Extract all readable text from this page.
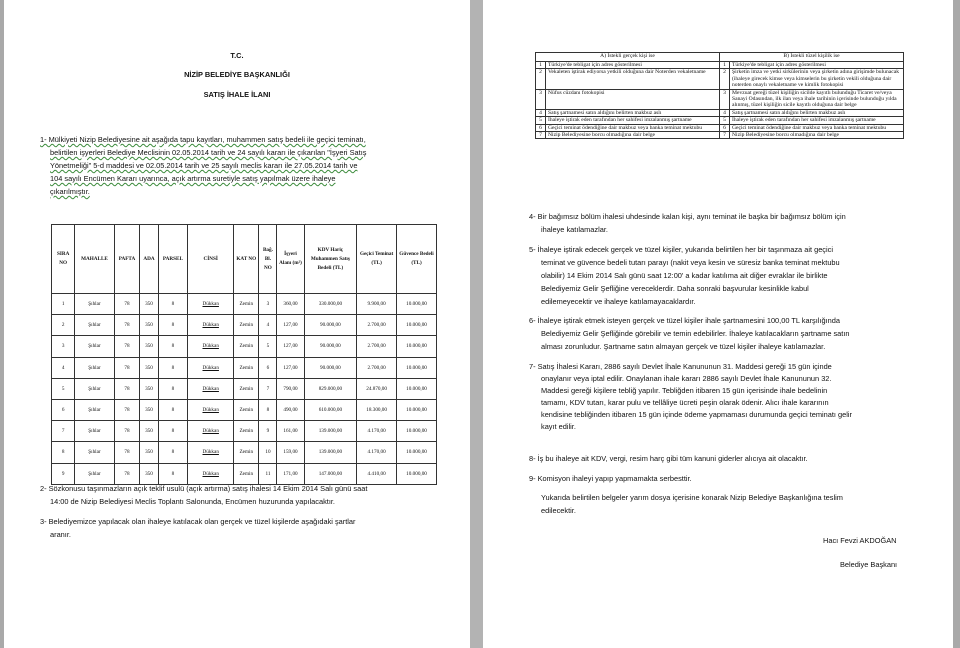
T.C.
NİZİP BELEDİYE BAŞKANLIĞI
SATIŞ İHALE İLANI
1- Mülkiyeti Nizip Belediyesine ait aşağıda tapu kayıtları, muhammen satış bedeli ile geçici teminatı,
belirtilen işyerleri Belediye Meclisinin 02.05.2014 tarih ve 24 sayılı kararı ile çıkarılan "İşyeri Satış
Yönetmeliği" 5-d maddesi ve 02.05.2014 tarih ve 25 sayılı meclis kararı ile 27.05.2014 tarih ve
104 sayılı Encümen Kararı uyarınca, açık artırma suretiyle satış yapılmak üzere ihaleye
çıkarılmıştır.
SIRA NO	MAHALLE	PAFTA	ADA	PARSEL	CİNSİ	KAT NO	Bağ. Bl. NO	İşyeri Alanı (m²)	KDV Hariç Muhammen Satış Bedeli (TL)	Geçici Teminat (TL)	Güvence Bedeli (TL)
1	Şıhlar	78	350	8	Dükkan	Zemin	3	360,00	330.000,00	9.900,00	10.000,00
2	Şıhlar	78	350	8	Dükkan	Zemin	4	127,00	90.000,00	2.700,00	10.000,00
3	Şıhlar	78	350	8	Dükkan	Zemin	5	127,00	90.000,00	2.700,00	10.000,00
4	Şıhlar	78	350	8	Dükkan	Zemin	6	127,00	90.000,00	2.700,00	10.000,00
5	Şıhlar	78	350	8	Dükkan	Zemin	7	790,00	829.000,00	24.870,00	10.000,00
6	Şıhlar	78	350	8	Dükkan	Zemin	8	490,00	610.000,00	18.300,00	10.000,00
7	Şıhlar	78	350	8	Dükkan	Zemin	9	161,00	139.000,00	4.170,00	10.000,00
8	Şıhlar	78	350	8	Dükkan	Zemin	10	159,00	139.000,00	4.170,00	10.000,00
9	Şıhlar	78	350	8	Dükkan	Zemin	11	171,00	147.000,00	4.410,00	10.000,00
2- Sözkonusu taşınmazların açık teklif usulü (açık artırma) satış ihalesi 14 Ekim 2014 Salı günü saat
14:00 de Nizip Belediyesi Meclis Toplantı Salonunda, Encümen huzurunda yapılacaktır.
3- Belediyemizce yapılacak olan ihaleye katılacak olan gerçek ve tüzel kişilerde aşağıdaki şartlar
aranır.
A) İstekli gerçek kişi ise		B) İstekli tüzel kişilik ise	
1	Türkiye'de tebligat için adres gösterilmesi	1	Türkiye'de tebligat için adres gösterilmesi
2	Vekaleten iştirak ediyorsa yetkili olduğuna dair Noterden vekaletname	2	Şirketin imza ve yetki sirkülerinin veya şirketin adına girişimde bulunacak (ihaleye girecek kimse veya kimselerin bu şirketin vekili olduğuna dair noterden onaylı vekaletname ve kimlik fotokopisi
3	Nüfus cüzdanı fotokopisi	3	Mevzuat gereği tüzel kişiliğin sicilde kayıtlı bulunduğu Ticaret ve/veya Sanayi Odasından, ilk ilan veya ihale tarihinin içerisinde bulunduğu yılda alınmış, tüzel kişiliğin sicile kayıtlı olduğuna dair belge
4	Satış şartnamesi satın aldığını belirten makbuz aslı	4	Satış şartnamesi satın aldığını belirten makbuz aslı
5	İhaleye iştirak eden tarafından her sahifesi imzalanmış şartname	5	İhaleye iştirak eden tarafından her sahifesi imzalanmış şartname
6	Geçici teminat ödendiğine dair makbuz veya banka teminat mektubu	6	Geçici teminat ödendiğine dair makbuz veya banka teminat mektubu
7	Nizip Belediyesine borcu olmadığına dair belge	7	Nizip Belediyesine borcu olmadığına dair belge
4- Bir bağımsız bölüm ihalesi uhdesinde kalan kişi, aynı teminat ile başka bir bağımsız bölüm için
ihaleye katılamazlar.
5- İhaleye iştirak edecek gerçek ve tüzel kişiler, yukarıda belirtilen her bir taşınmaza ait geçici
teminat ve güvence bedeli tutarı parayı (nakit veya kesin ve süresiz banka teminat mektubu
olabilir) 14 Ekim 2014 Salı günü saat 12:00' a kadar katılıma ait diğer evraklar ile birlikte
Belediyemiz Gelir Şefliğine vereceklerdir. Daha sonraki başvurular kesinlikle kabul
edilemeyecektir ve ihaleye katılamayacaklardır.
6- İhaleye iştirak etmek isteyen gerçek ve tüzel kişiler ihale şartnamesini 100,00 TL karşılığında
Belediyemiz Gelir Şefliğinde görebilir ve temin edebilirler. İhaleye katılacakların şartname satın
alması zorunludur. Şartname satın almayan gerçek ve tüzel kişiler ihaleye katılamazlar.
7- Satış İhalesi Kararı, 2886 sayılı Devlet İhale Kanununun 31. Maddesi gereği 15 gün içinde
onaylanır veya iptal edilir. Onaylanan ihale kararı 2886 sayılı Devlet İhale Kanununun 32.
Maddesi gereği kişilere tebliğ yapılır. Tebliğden itibaren 15 gün içerisinde ihale bedelinin
tamamı, KDV tutarı, karar pulu ve tellâliye ücreti peşin olarak ödenir. Alıcı ihale kararının
kendisine tebliğinden itibaren 15 gün içinde ödeme yapmaması durumunda geçici teminatı gelir
kayıt edilir.
8- İş bu ihaleye ait KDV, vergi, resim harç gibi tüm kanuni giderler alıcıya ait olacaktır.
9- Komisyon ihaleyi yapıp yapmamakta serbesttir.
Yukarıda belirtilen belgeler yarım dosya içerisine konarak Nizip Belediye Başkanlığına teslim
edilecektir.
Hacı Fevzi AKDOĞAN
Belediye Başkanı
